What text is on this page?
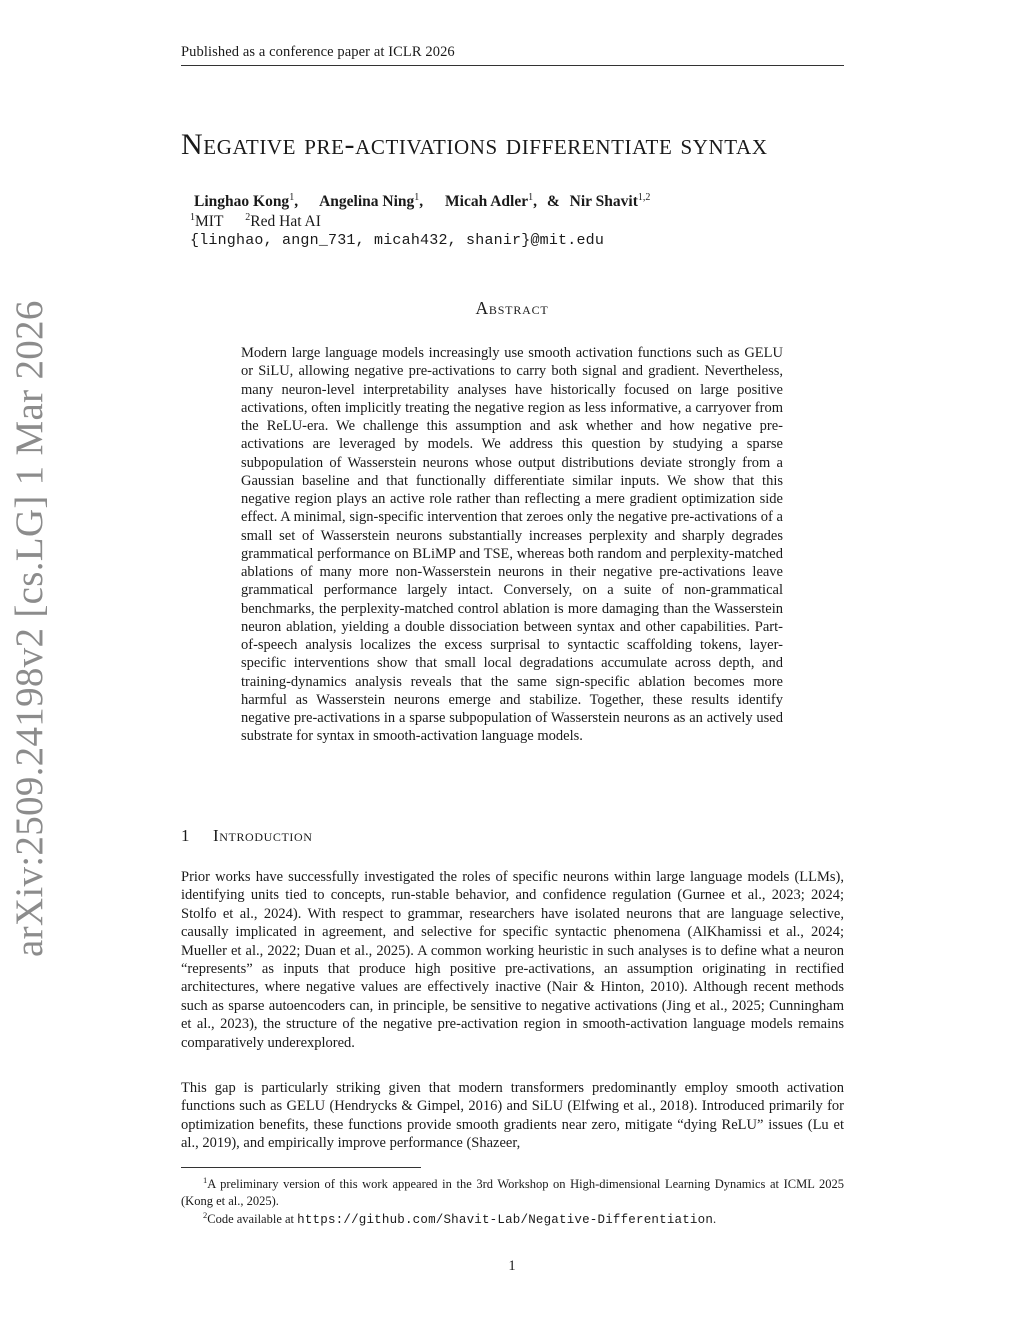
Published as a conference paper at ICLR 2026
arXiv:2509.24198v2 [cs.LG] 1 Mar 2026
Negative pre-activations differentiate syntax
Linghao Kong$^1$, Angelina Ning$^1$, Micah Adler$^1$, & Nir Shavit$^{1,2}$
$^1$MIT $^2$Red Hat AI
{linghao, angn_731, micah432, shanir}@mit.edu
Abstract
Modern large language models increasingly use smooth activation functions such as GELU or SiLU, allowing negative pre-activations to carry both signal and gradient. Nevertheless, many neuron-level interpretability analyses have historically focused on large positive activations, often implicitly treating the negative region as less informative, a carryover from the ReLU-era. We challenge this assumption and ask whether and how negative pre-activations are leveraged by models. We address this question by studying a sparse subpopulation of Wasserstein neurons whose output distributions deviate strongly from a Gaussian baseline and that functionally differentiate similar inputs. We show that this negative region plays an active role rather than reflecting a mere gradient optimization side effect. A minimal, sign-specific intervention that zeroes only the negative pre-activations of a small set of Wasserstein neurons substantially increases perplexity and sharply degrades grammatical performance on BLiMP and TSE, whereas both random and perplexity-matched ablations of many more non-Wasserstein neurons in their negative pre-activations leave grammatical performance largely intact. Conversely, on a suite of non-grammatical benchmarks, the perplexity-matched control ablation is more damaging than the Wasserstein neuron ablation, yielding a double dissociation between syntax and other capabilities. Part-of-speech analysis localizes the excess surprisal to syntactic scaffolding tokens, layer-specific interventions show that small local degradations accumulate across depth, and training-dynamics analysis reveals that the same sign-specific ablation becomes more harmful as Wasserstein neurons emerge and stabilize. Together, these results identify negative pre-activations in a sparse subpopulation of Wasserstein neurons as an actively used substrate for syntax in smooth-activation language models.
1 Introduction
Prior works have successfully investigated the roles of specific neurons within large language models (LLMs), identifying units tied to concepts, run-stable behavior, and confidence regulation (Gurnee et al., 2023; 2024; Stolfo et al., 2024). With respect to grammar, researchers have isolated neurons that are language selective, causally implicated in agreement, and selective for specific syntactic phenomena (AlKhamissi et al., 2024; Mueller et al., 2022; Duan et al., 2025). A common working heuristic in such analyses is to define what a neuron “represents” as inputs that produce high positive pre-activations, an assumption originating in rectified architectures, where negative values are effectively inactive (Nair & Hinton, 2010). Although recent methods such as sparse autoencoders can, in principle, be sensitive to negative activations (Jing et al., 2025; Cunningham et al., 2023), the structure of the negative pre-activation region in smooth-activation language models remains comparatively underexplored.
This gap is particularly striking given that modern transformers predominantly employ smooth activation functions such as GELU (Hendrycks & Gimpel, 2016) and SiLU (Elfwing et al., 2018). Introduced primarily for optimization benefits, these functions provide smooth gradients near zero, mitigate “dying ReLU” issues (Lu et al., 2019), and empirically improve performance (Shazeer,
$^1$A preliminary version of this work appeared in the 3rd Workshop on High-dimensional Learning Dynamics at ICML 2025 (Kong et al., 2025).
$^2$Code available at https://github.com/Shavit-Lab/Negative-Differentiation.
1
